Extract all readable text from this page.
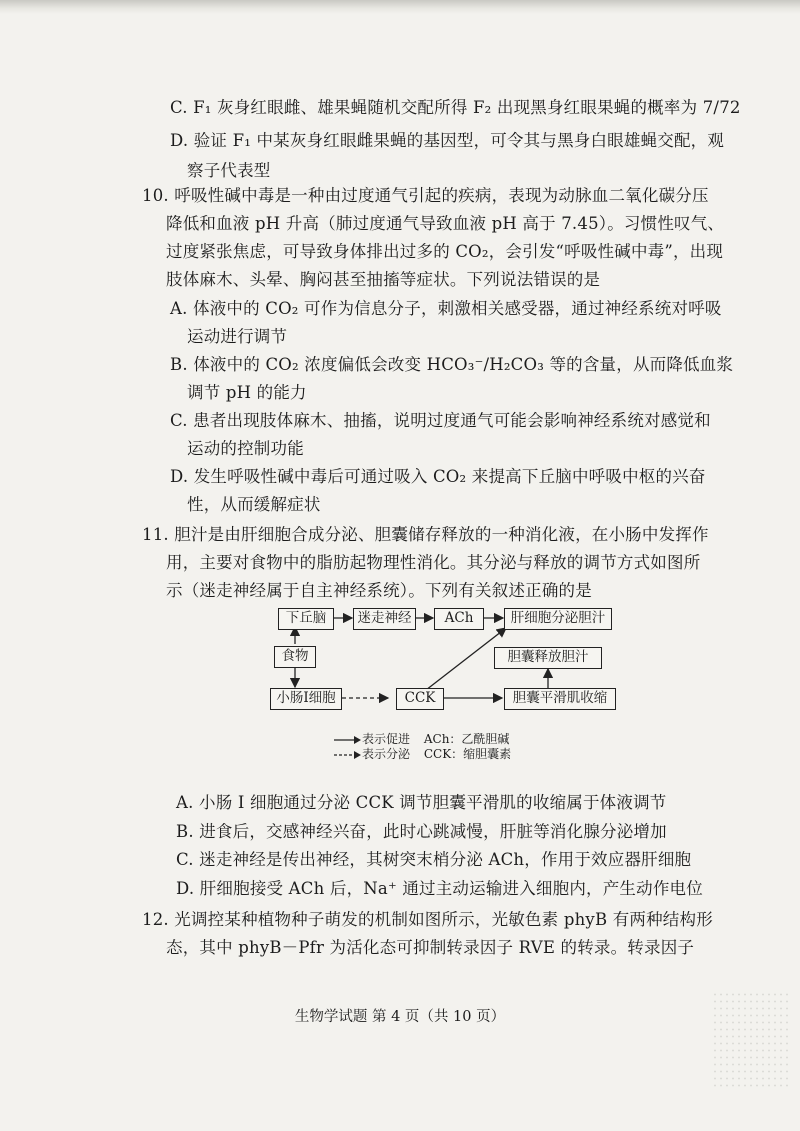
C. F₁ 灰身红眼雌、雄果蝇随机交配所得 F₂ 出现黑身红眼果蝇的概率为 7/72
D. 验证 F₁ 中某灰身红眼雌果蝇的基因型，可令其与黑身白眼雄蝇交配，观
察子代表型
10. 呼吸性碱中毒是一种由过度通气引起的疾病，表现为动脉血二氧化碳分压
降低和血液 pH 升高（肺过度通气导致血液 pH 高于 7.45）。习惯性叹气、
过度紧张焦虑，可导致身体排出过多的 CO₂，会引发“呼吸性碱中毒”，出现
肢体麻木、头晕、胸闷甚至抽搐等症状。下列说法错误的是
A. 体液中的 CO₂ 可作为信息分子，刺激相关感受器，通过神经系统对呼吸
运动进行调节
B. 体液中的 CO₂ 浓度偏低会改变 HCO₃⁻/H₂CO₃ 等的含量，从而降低血浆
调节 pH 的能力
C. 患者出现肢体麻木、抽搐，说明过度通气可能会影响神经系统对感觉和
运动的控制功能
D. 发生呼吸性碱中毒后可通过吸入 CO₂ 来提高下丘脑中呼吸中枢的兴奋
性，从而缓解症状
11. 胆汁是由肝细胞合成分泌、胆囊储存释放的一种消化液，在小肠中发挥作
用，主要对食物中的脂肪起物理性消化。其分泌与释放的调节方式如图所
示（迷走神经属于自主神经系统）。下列有关叙述正确的是
下丘脑	迷走神经	ACh	肝细胞分泌胆汁
食物	胆囊释放胆汁
小肠I细胞	CCK	胆囊平滑肌收缩
表示促进 ACh：乙酰胆碱
表示分泌 CCK：缩胆囊素
A. 小肠 I 细胞通过分泌 CCK 调节胆囊平滑肌的收缩属于体液调节
B. 进食后，交感神经兴奋，此时心跳减慢，肝脏等消化腺分泌增加
C. 迷走神经是传出神经，其树突末梢分泌 ACh，作用于效应器肝细胞
D. 肝细胞接受 ACh 后，Na⁺ 通过主动运输进入细胞内，产生动作电位
12. 光调控某种植物种子萌发的机制如图所示，光敏色素 phyB 有两种结构形
态，其中 phyB－Pfr 为活化态可抑制转录因子 RVE 的转录。转录因子
生物学试题 第 4 页（共 10 页）
